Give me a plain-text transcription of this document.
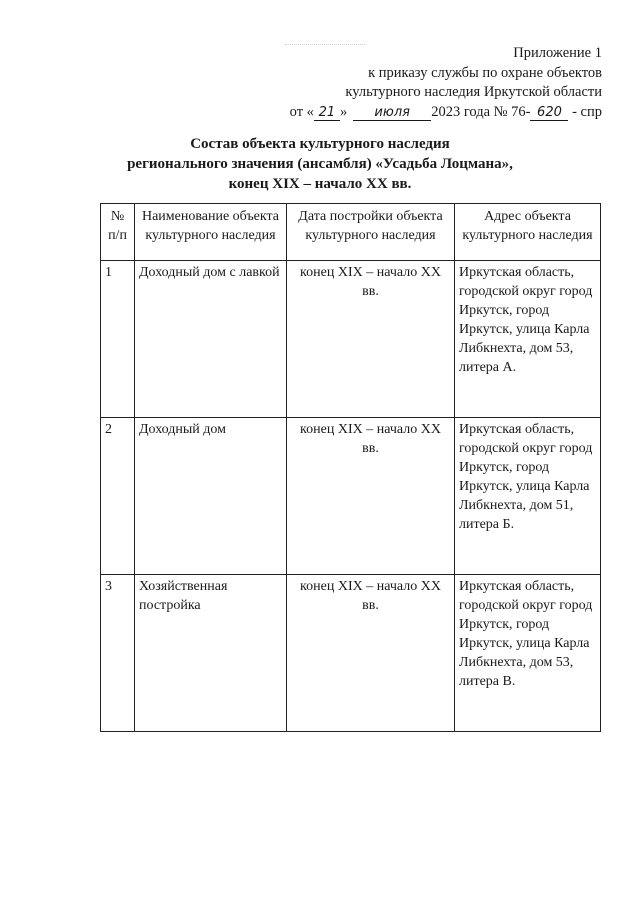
Приложение 1
к приказу службы по охране объектов
культурного наследия Иркутской области
от « 21 » июля 2023 года № 76- 620 - спр
Состав объекта культурного наследия
регионального значения (ансамбля) «Усадьба Лоцмана»,
конец XIX – начало XX вв.
№ п/п	Наименование объекта культурного наследия	Дата постройки объекта культурного наследия	Адрес объекта культурного наследия
1	Доходный дом с лавкой	конец XIX – начало XX вв.	Иркутская область, городской округ город Иркутск, город Иркутск, улица Карла Либкнехта, дом 53, литера А.
2	Доходный дом	конец XIX – начало XX вв.	Иркутская область, городской округ город Иркутск, город Иркутск, улица Карла Либкнехта, дом 51, литера Б.
3	Хозяйственная постройка	конец XIX – начало XX вв.	Иркутская область, городской округ город Иркутск, город Иркутск, улица Карла Либкнехта, дом 53, литера В.
